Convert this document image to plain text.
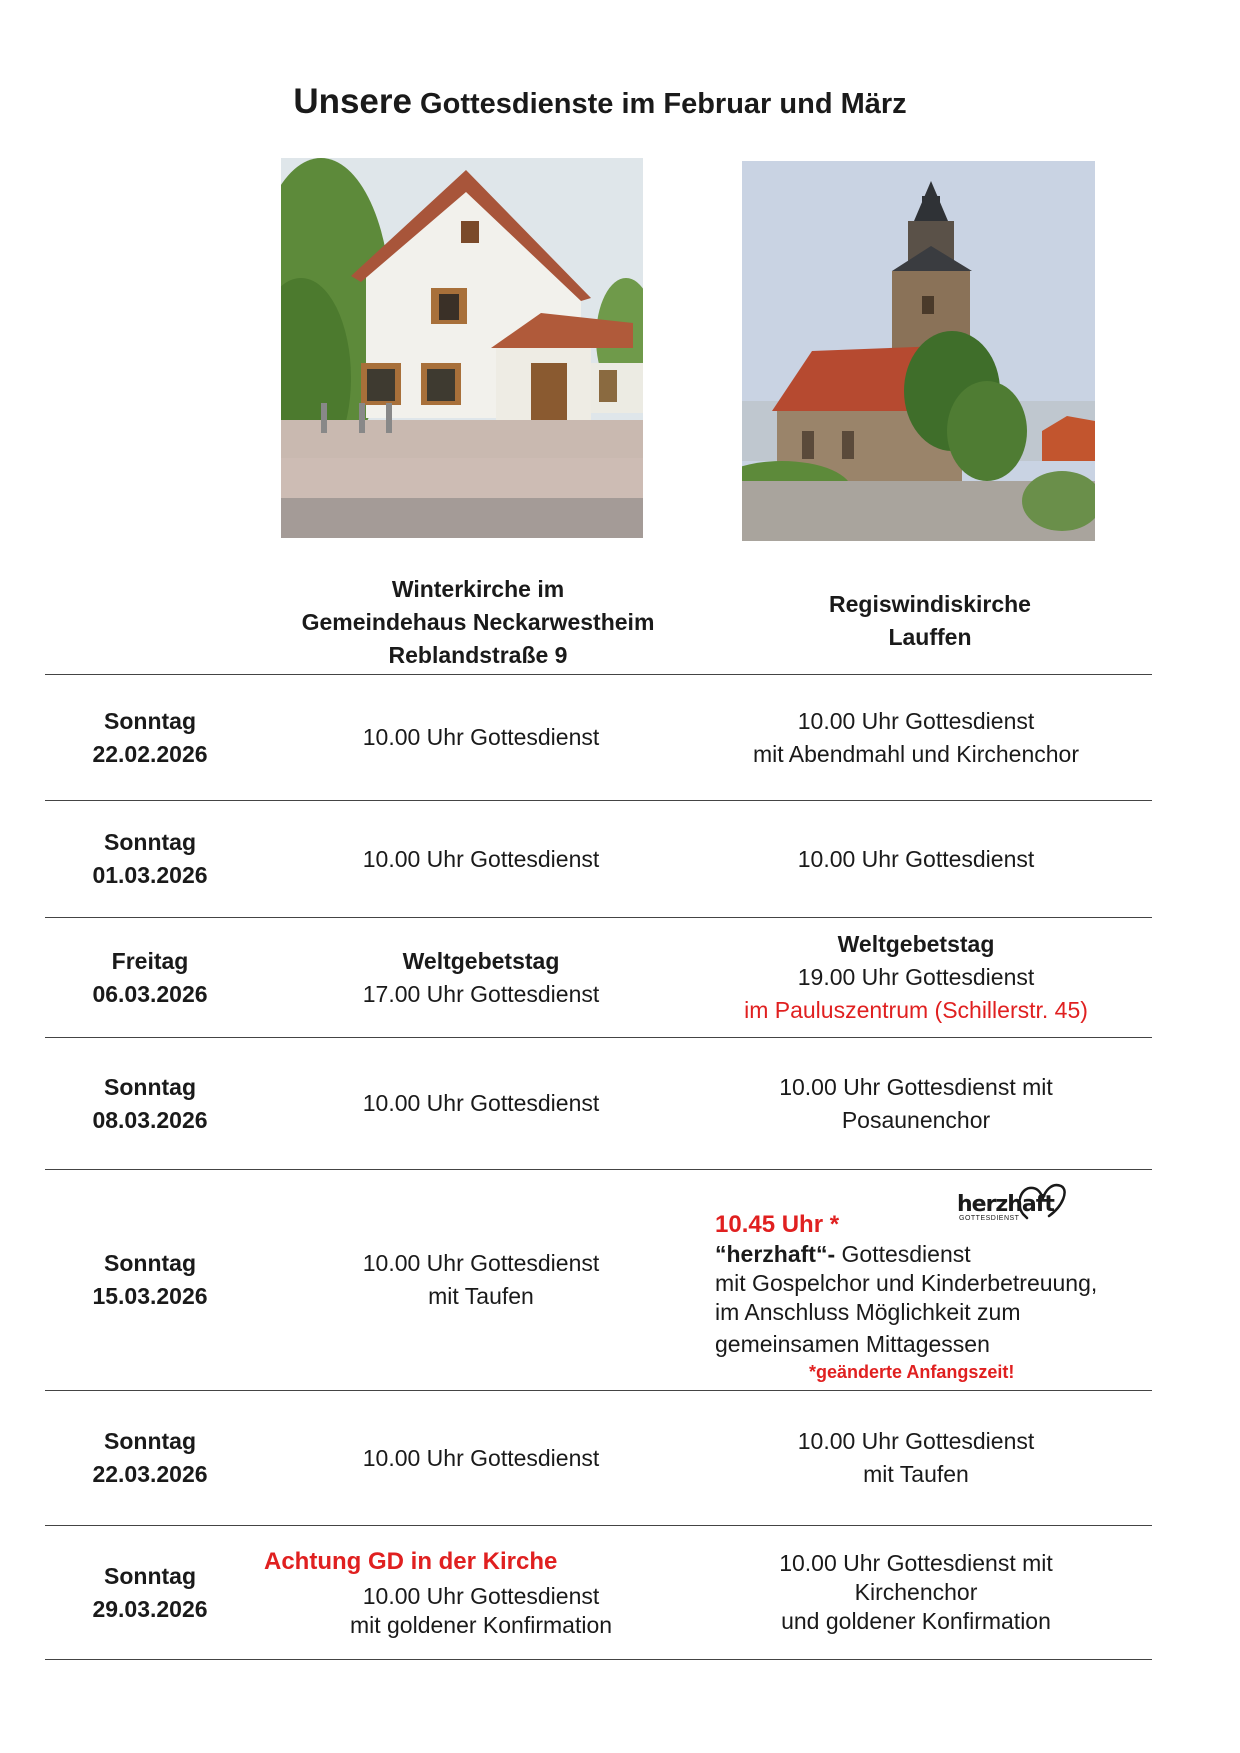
Unsere Gottesdienste im Februar und März
Winterkirche im
Gemeindehaus Neckarwestheim
Reblandstraße 9
Regiswindiskirche
Lauffen
Sonntag
22.02.2026
10.00 Uhr Gottesdienst
10.00 Uhr Gottesdienst
mit Abendmahl und Kirchenchor
Sonntag
01.03.2026
10.00 Uhr Gottesdienst	10.00 Uhr Gottesdienst
Freitag
06.03.2026
Weltgebetstag
17.00 Uhr Gottesdienst
Weltgebetstag
19.00 Uhr Gottesdienst
im Pauluszentrum (Schillerstr. 45)
Sonntag
08.03.2026
10.00 Uhr Gottesdienst
10.00 Uhr Gottesdienst mit
Posaunenchor
Sonntag
15.03.2026
10.00 Uhr Gottesdienst
mit Taufen
10.45 Uhr *
“herzhaft“- Gottesdienst
mit Gospelchor und Kinderbetreuung,
im Anschluss Möglichkeit zum
gemeinsamen Mittagessen
*geänderte Anfangszeit!
herzhaft
GOTTESDIENST
Sonntag
22.03.2026
10.00 Uhr Gottesdienst
10.00 Uhr Gottesdienst
mit Taufen
Achtung GD in der Kirche
Sonntag
29.03.2026	10.00 Uhr Gottesdienst
mit goldener Konfirmation
10.00 Uhr Gottesdienst mit
Kirchenchor
und goldener Konfirmation
